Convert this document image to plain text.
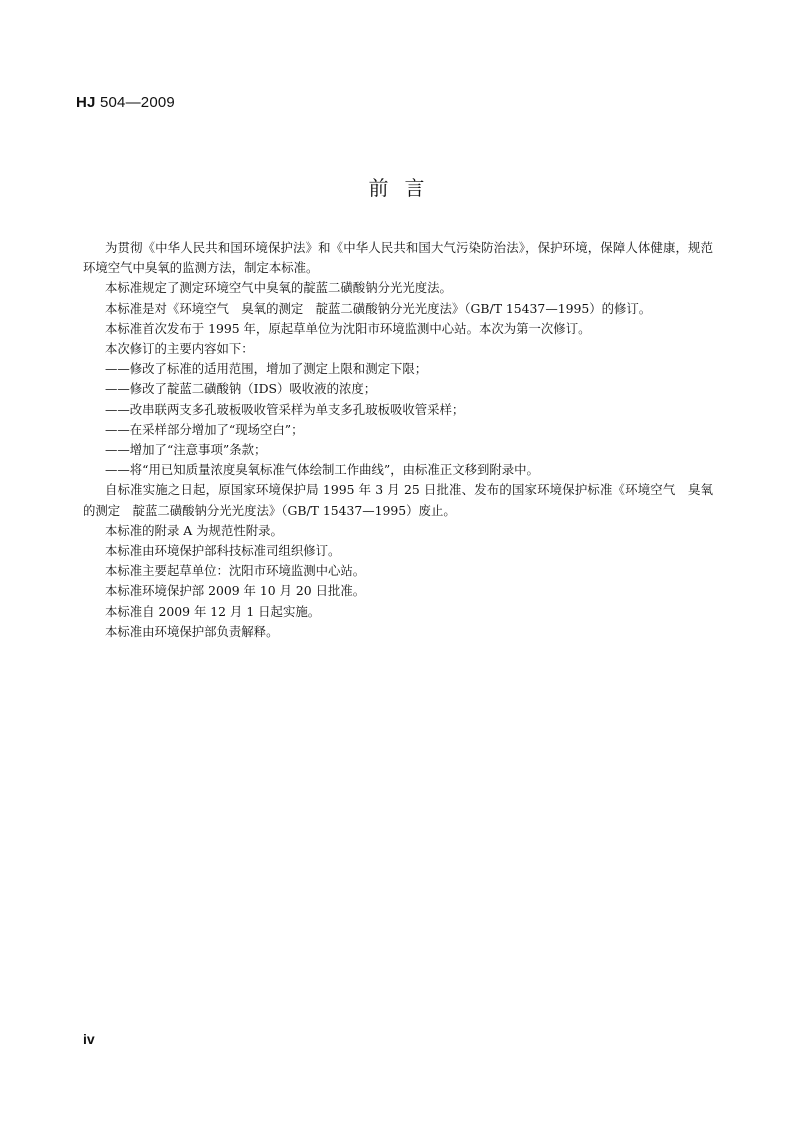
HJ 504—2009
前言

为贯彻《中华人民共和国环境保护法》和《中华人民共和国大气污染防治法》，保护环境，保障人体健康，规范环境空气中臭氧的监测方法，制定本标准。

本标准规定了测定环境空气中臭氧的靛蓝二磺酸钠分光光度法。

本标准是对《环境空气　臭氧的测定　靛蓝二磺酸钠分光光度法》（GB/T 15437—1995）的修订。

本标准首次发布于 1995 年，原起草单位为沈阳市环境监测中心站。本次为第一次修订。

本次修订的主要内容如下：

——修改了标准的适用范围，增加了测定上限和测定下限；

——修改了靛蓝二磺酸钠（IDS）吸收液的浓度；

——改串联两支多孔玻板吸收管采样为单支多孔玻板吸收管采样；

——在采样部分增加了“现场空白”；

——增加了“注意事项”条款；

——将“用已知质量浓度臭氧标准气体绘制工作曲线”，由标准正文移到附录中。

自标准实施之日起，原国家环境保护局 1995 年 3 月 25 日批准、发布的国家环境保护标准《环境空气　臭氧的测定　靛蓝二磺酸钠分光光度法》（GB/T 15437—1995）废止。

本标准的附录 A 为规范性附录。

本标准由环境保护部科技标准司组织修订。

本标准主要起草单位：沈阳市环境监测中心站。

本标准环境保护部 2009 年 10 月 20 日批准。

本标准自 2009 年 12 月 1 日起实施。

本标准由环境保护部负责解释。

iv
